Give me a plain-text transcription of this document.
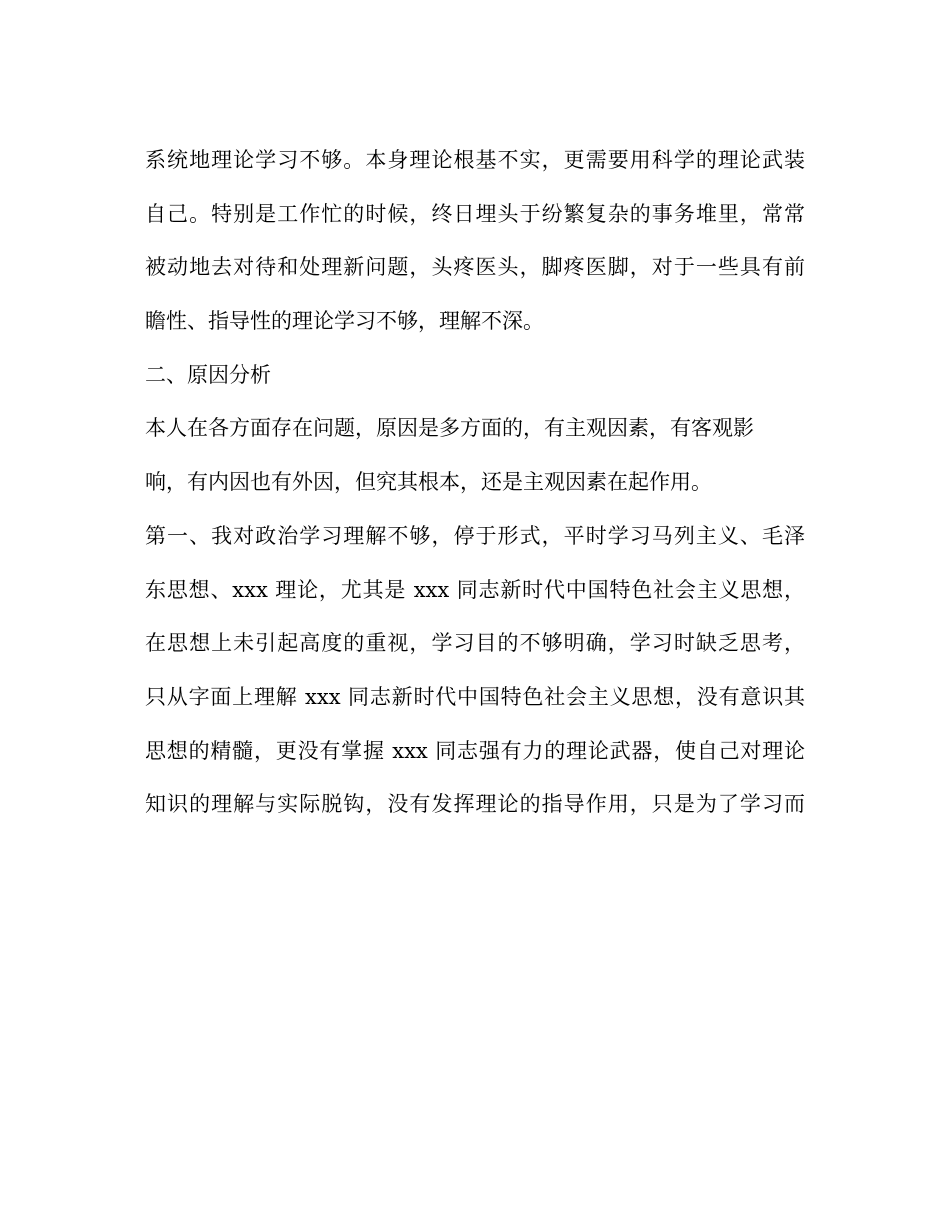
系统地理论学习不够。本身理论根基不实，更需要用科学的理论武装

自己。特别是工作忙的时候，终日埋头于纷繁复杂的事务堆里，常常

被动地去对待和处理新问题，头疼医头，脚疼医脚，对于一些具有前

瞻性、指导性的理论学习不够，理解不深。

二、原因分析

本人在各方面存在问题，原因是多方面的，有主观因素，有客观影

响，有内因也有外因，但究其根本，还是主观因素在起作用。

第一、我对政治学习理解不够，停于形式，平时学习马列主义、毛泽

东思想、xxx 理论，尤其是 xxx 同志新时代中国特色社会主义思想，

在思想上未引起高度的重视，学习目的不够明确，学习时缺乏思考，

只从字面上理解 xxx 同志新时代中国特色社会主义思想，没有意识其

思想的精髓，更没有掌握 xxx 同志强有力的理论武器，使自己对理论

知识的理解与实际脱钩，没有发挥理论的指导作用，只是为了学习而
